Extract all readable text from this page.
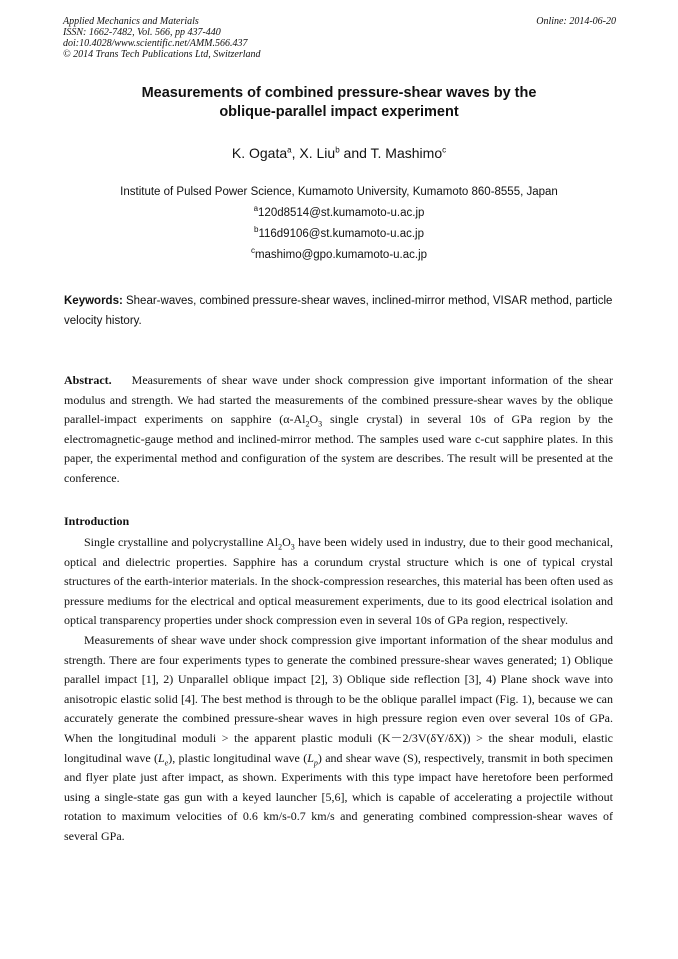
Applied Mechanics and Materials
ISSN: 1662-7482, Vol. 566, pp 437-440
doi:10.4028/www.scientific.net/AMM.566.437
© 2014 Trans Tech Publications Ltd, Switzerland
Online: 2014-06-20
Measurements of combined pressure-shear waves by the
oblique-parallel impact experiment
K. Ogata$^a$, X. Liu$^b$ and T. Mashimo$^c$
Institute of Pulsed Power Science, Kumamoto University, Kumamoto 860-8555, Japan
$^a$120d8514@st.kumamoto-u.ac.jp
$^b$116d9106@st.kumamoto-u.ac.jp
$^c$mashimo@gpo.kumamoto-u.ac.jp
Keywords: Shear-waves, combined pressure-shear waves, inclined-mirror method, VISAR method, particle velocity history.
Abstract. Measurements of shear wave under shock compression give important information of the shear modulus and strength. We had started the measurements of the combined pressure-shear waves by the oblique parallel-impact experiments on sapphire ($\alpha-Al_2O_3$ single crystal) in several 10s of GPa region by the electromagnetic-gauge method and inclined-mirror method. The samples used ware c-cut sapphire plates. In this paper, the experimental method and configuration of the system are describes. The result will be presented at the conference.
Introduction

Single crystalline and polycrystalline $Al_2O_3$ have been widely used in industry, due to their good mechanical, optical and dielectric properties. Sapphire has a corundum crystal structure which is one of typical crystal structures of the earth-interior materials. In the shock-compression researches, this material has been often used as pressure mediums for the electrical and optical measurement experiments, due to its good electrical isolation and optical transparency properties under shock compression even in several 10s of GPa region, respectively.

Measurements of shear wave under shock compression give important information of the shear modulus and strength. There are four experiments types to generate the combined pressure-shear waves generated; 1) Oblique parallel impact [1], 2) Unparallel oblique impact [2], 3) Oblique side reflection [3], 4) Plane shock wave into anisotropic elastic solid [4]. The best method is through to be the oblique parallel impact (Fig. 1), because we can accurately generate the combined pressure-shear waves in high pressure region even over several 10s of GPa. When the longitudinal moduli > the apparent plastic moduli (K－2/3V(δY/δX)) > the shear moduli, elastic longitudinal wave $(L_e)$, plastic longitudinal wave $(L_p)$ and shear wave (S), respectively, transmit in both specimen and flyer plate just after impact, as shown. Experiments with this type impact have heretofore been performed using a single-state gas gun with a keyed launcher [5,6], which is capable of accelerating a projectile without rotation to maximum velocities of 0.6 km/s-0.7 km/s and generating combined compression-shear waves of several GPa.
